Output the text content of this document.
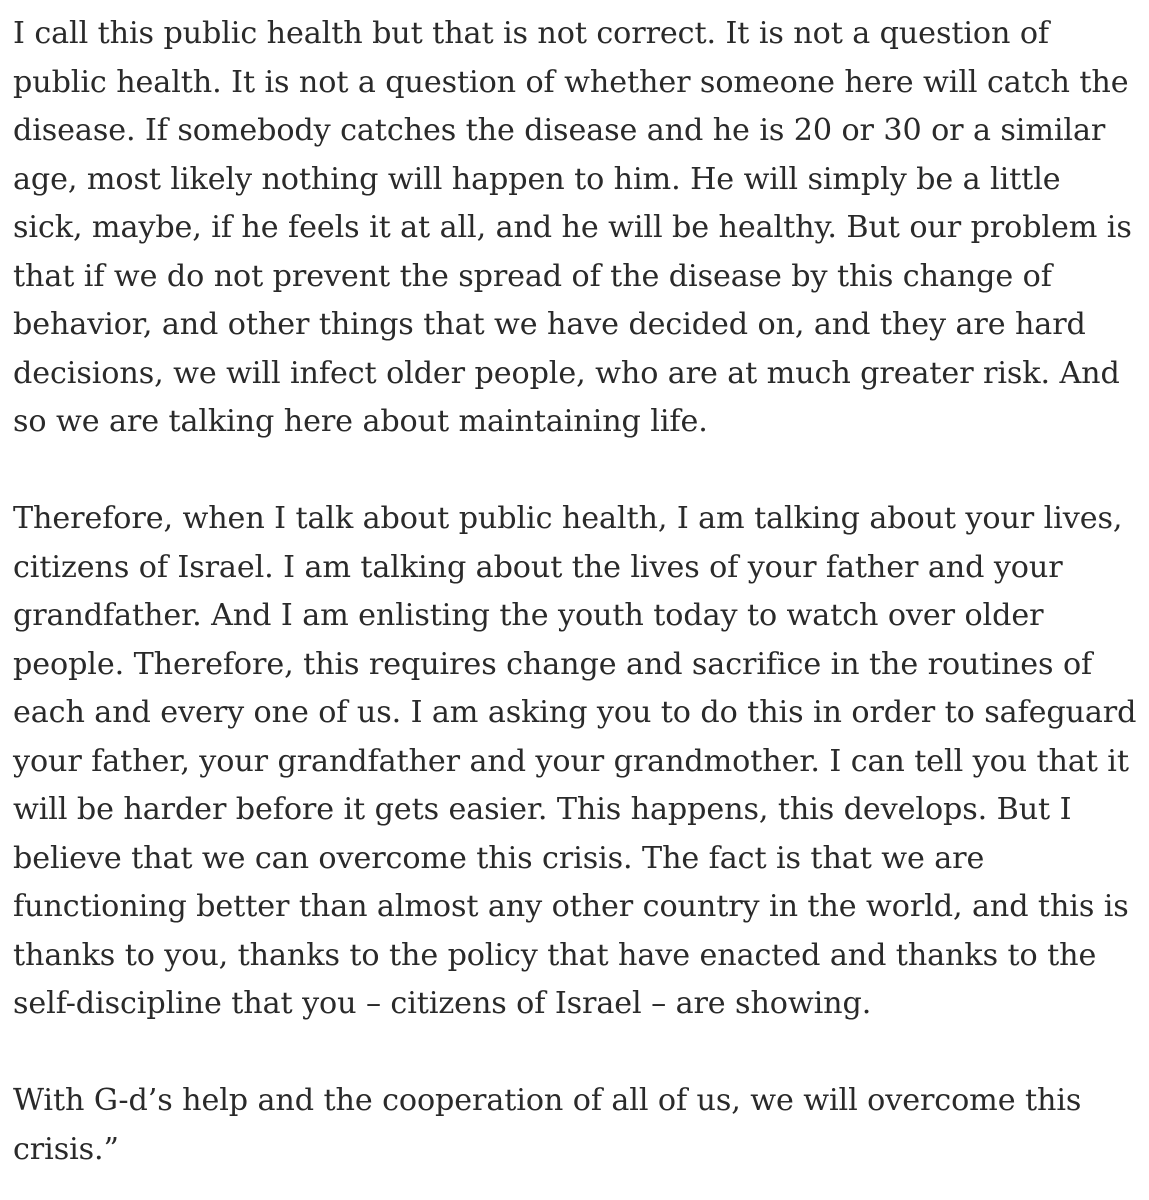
I call this public health but that is not correct. It is not a question of public health. It is not a question of whether someone here will catch the disease. If somebody catches the disease and he is 20 or 30 or a similar age, most likely nothing will happen to him. He will simply be a little sick, maybe, if he feels it at all, and he will be healthy. But our problem is that if we do not prevent the spread of the disease by this change of behavior, and other things that we have decided on, and they are hard decisions, we will infect older people, who are at much greater risk. And so we are talking here about maintaining life.

Therefore, when I talk about public health, I am talking about your lives, citizens of Israel. I am talking about the lives of your father and your grandfather. And I am enlisting the youth today to watch over older people. Therefore, this requires change and sacrifice in the routines of each and every one of us. I am asking you to do this in order to safeguard your father, your grandfather and your grandmother. I can tell you that it will be harder before it gets easier. This happens, this develops. But I believe that we can overcome this crisis. The fact is that we are functioning better than almost any other country in the world, and this is thanks to you, thanks to the policy that have enacted and thanks to the self-discipline that you – citizens of Israel – are showing.

With G-d’s help and the cooperation of all of us, we will overcome this crisis.”
